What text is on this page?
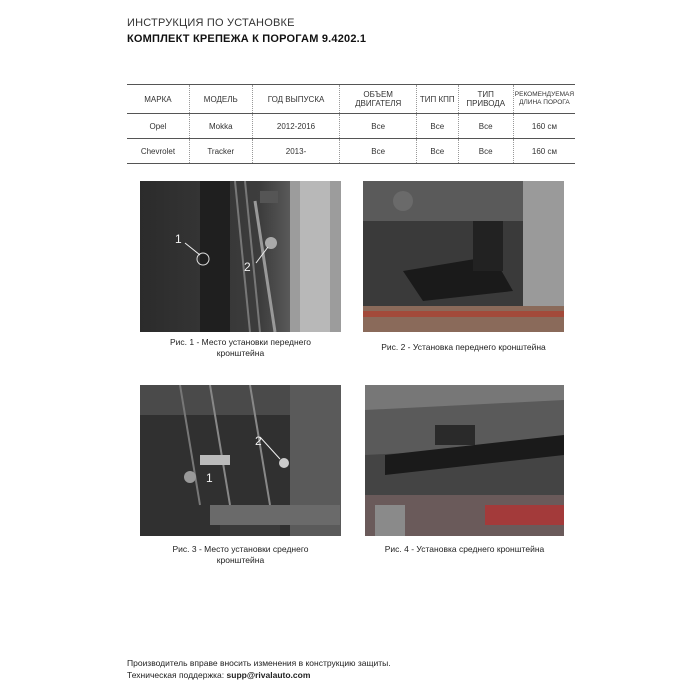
ИНСТРУКЦИЯ ПО УСТАНОВКЕ
КОМПЛЕКТ КРЕПЕЖА К ПОРОГАМ 9.4202.1
МАРКА	МОДЕЛЬ	ГОД ВЫПУСКА	ОБЪЕМ ДВИГАТЕЛЯ	ТИП КПП	ТИП ПРИВОДА	РЕКОМЕНДУЕМАЯ ДЛИНА ПОРОГА
Opel	Mokka	2012-2016	Все	Все	Все	160 см
Chevrolet	Tracker	2013-	Все	Все	Все	160 см
1
2
Рис. 1 - Место установки переднего
кронштейна
Рис. 2 - Установка переднего кронштейна
1
2
Рис. 3 - Место установки среднего
кронштейна
Рис. 4 - Установка среднего кронштейна
Производитель вправе вносить изменения в конструкцию защиты.
Техническая поддержка: supp@rivalauto.com
